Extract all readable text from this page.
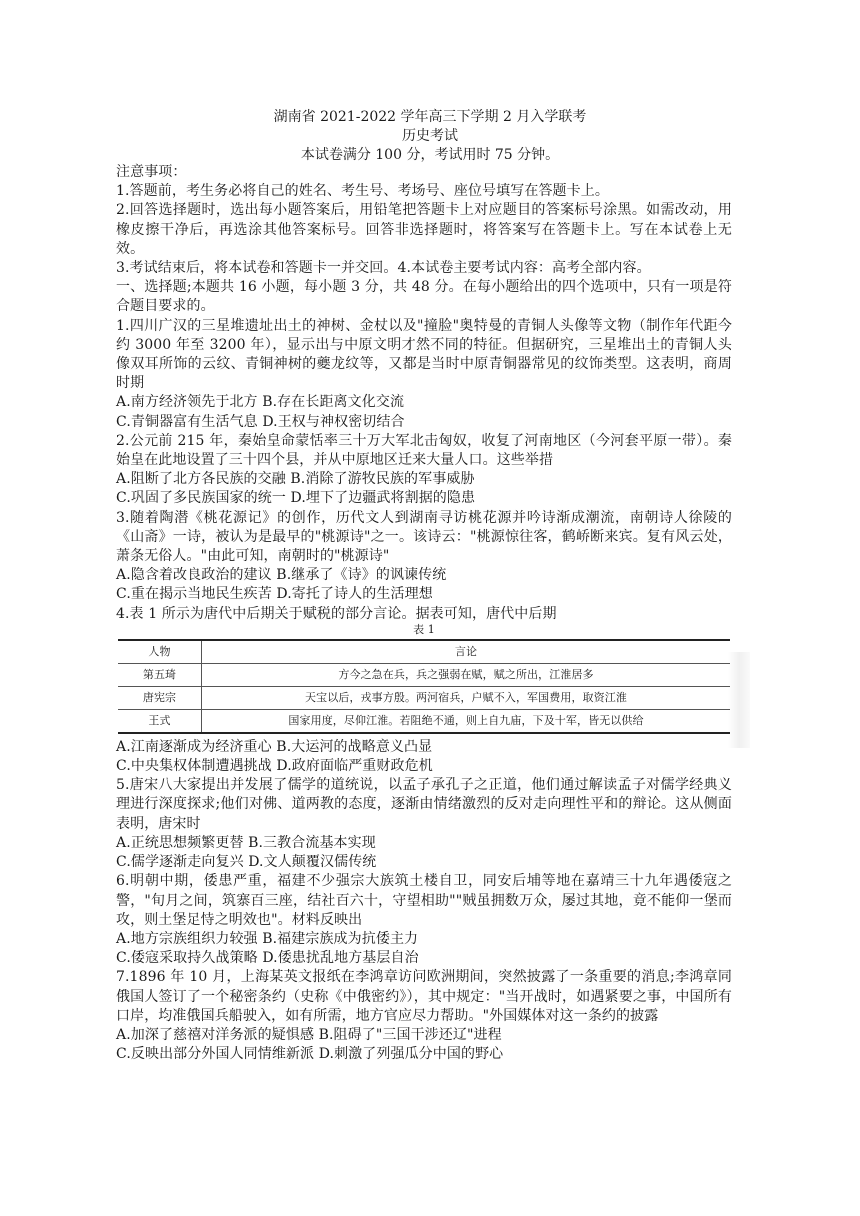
湖南省 2021-2022 学年高三下学期 2 月入学联考
历史考试
本试卷满分 100 分，考试用时 75 分钟。

注意事项：

1.答题前，考生务必将自己的姓名、考生号、考场号、座位号填写在答题卡上。

2.回答选择题时，选出每小题答案后，用铅笔把答题卡上对应题目的答案标号涂黑。如需改动，用橡皮擦干净后，再选涂其他答案标号。回答非选择题时，将答案写在答题卡上。写在本试卷上无效。

3.考试结束后，将本试卷和答题卡一并交回。4.本试卷主要考试内容：高考全部内容。

一、选择题;本题共 16 小题，每小题 3 分，共 48 分。在每小题给出的四个选项中，只有一项是符合题目要求的。

1.四川广汉的三星堆遗址出土的神树、金杖以及"撞脸"奥特曼的青铜人头像等文物（制作年代距今约 3000 年至 3200 年），显示出与中原文明才然不同的特征。但据研究，三星堆出土的青铜人头像双耳所饰的云纹、青铜神树的夔龙纹等，又都是当时中原青铜器常见的纹饰类型。这表明，商周时期

A.南方经济领先于北方 B.存在长距离文化交流

C.青铜器富有生活气息 D.王权与神权密切结合

2.公元前 215 年，秦始皇命蒙恬率三十万大军北击匈奴，收复了河南地区（今河套平原一带）。秦始皇在此地设置了三十四个县，并从中原地区迁来大量人口。这些举措

A.阻断了北方各民族的交融 B.消除了游牧民族的军事威胁

C.巩固了多民族国家的统一 D.埋下了边疆武将割据的隐患

3.随着陶潜《桃花源记》的创作，历代文人到湖南寻访桃花源并吟诗渐成潮流，南朝诗人徐陵的《山斋》一诗，被认为是最早的"桃源诗"之一。该诗云："桃源惊往客，鹤峤断来宾。复有风云处，萧条无俗人。"由此可知，南朝时的"桃源诗"

A.隐含着改良政治的建议 B.继承了《诗》的讽谏传统

C.重在揭示当地民生疾苦 D.寄托了诗人的生活理想

4.表 1 所示为唐代中后期关于赋税的部分言论。据表可知，唐代中后期

表 1
人物	言论
第五琦	方今之急在兵，兵之强弱在赋，赋之所出，江淮居多
唐宪宗	天宝以后，戎事方殷。两河宿兵，户赋不入，军国费用，取资江淮
王式	国家用度，尽仰江淮。若阻绝不通，则上自九庙，下及十军，皆无以供给

A.江南逐渐成为经济重心 B.大运河的战略意义凸显

C.中央集权体制遭遇挑战 D.政府面临严重财政危机

5.唐宋八大家提出并发展了儒学的道统说，以孟子承孔子之正道，他们通过解读孟子对儒学经典义理进行深度探求;他们对佛、道两教的态度，逐渐由情绪激烈的反对走向理性平和的辩论。这从侧面表明，唐宋时

A.正统思想频繁更替 B.三教合流基本实现

C.儒学逐渐走向复兴 D.文人颠覆汉儒传统

6.明朝中期，倭患严重，福建不少强宗大族筑土楼自卫，同安后埔等地在嘉靖三十九年遇倭寇之警，"旬月之间，筑寨百三座，结社百六十，守望相助""贼虽拥数万众，屡过其地，竟不能仰一堡而攻，则土堡足恃之明效也"。材料反映出

A.地方宗族组织力较强 B.福建宗族成为抗倭主力

C.倭寇采取持久战策略 D.倭患扰乱地方基层自治

7.1896 年 10 月，上海某英文报纸在李鸿章访问欧洲期间，突然披露了一条重要的消息;李鸿章同俄国人签订了一个秘密条约（史称《中俄密约》），其中规定："当开战时，如遇紧要之事，中国所有口岸，均准俄国兵船驶入，如有所需，地方官应尽力帮助。"外国媒体对这一条约的披露

A.加深了慈禧对洋务派的疑惧感 B.阻碍了"三国干涉还辽"进程

C.反映出部分外国人同情维新派 D.刺激了列强瓜分中国的野心
